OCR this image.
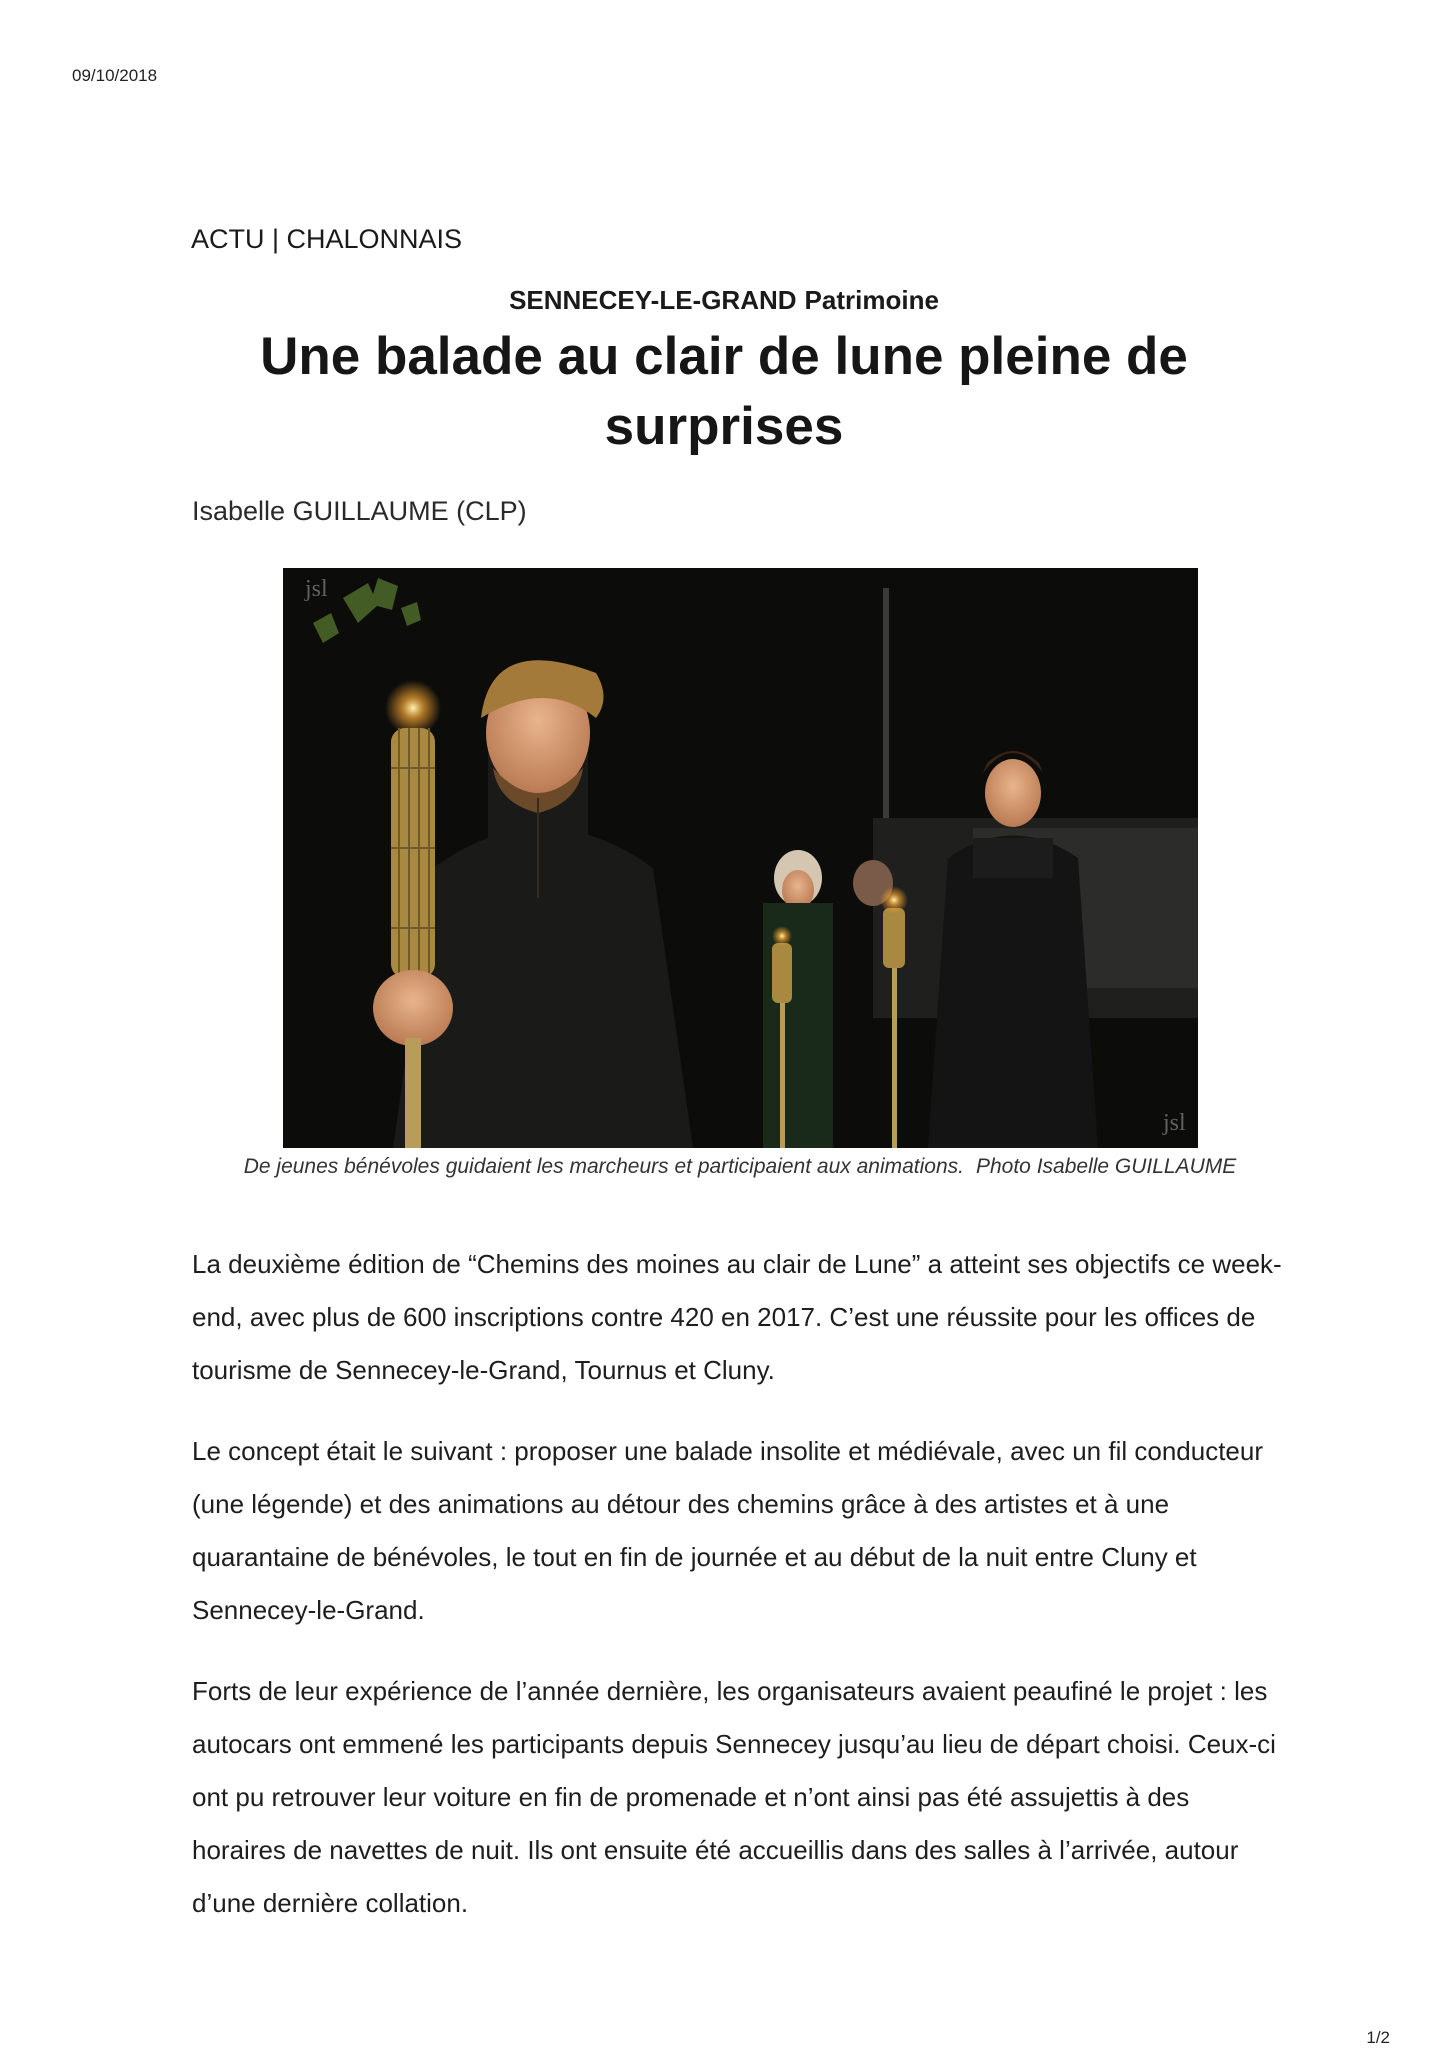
09/10/2018
ACTU | CHALONNAIS
SENNECEY-LE-GRAND Patrimoine
Une balade au clair de lune pleine de surprises
Isabelle GUILLAUME (CLP)
jsl
jsl
De jeunes bénévoles guidaient les marcheurs et participaient aux animations. Photo Isabelle GUILLAUME

La deuxième édition de “Chemins des moines au clair de Lune” a atteint ses objectifs ce week-end, avec plus de 600 inscriptions contre 420 en 2017. C’est une réussite pour les offices de tourisme de Sennecey-le-Grand, Tournus et Cluny.

Le concept était le suivant : proposer une balade insolite et médiévale, avec un fil conducteur (une légende) et des animations au détour des chemins grâce à des artistes et à une quarantaine de bénévoles, le tout en fin de journée et au début de la nuit entre Cluny et Sennecey-le-Grand.

Forts de leur expérience de l’année dernière, les organisateurs avaient peaufiné le projet : les autocars ont emmené les participants depuis Sennecey jusqu’au lieu de départ choisi. Ceux-ci ont pu retrouver leur voiture en fin de promenade et n’ont ainsi pas été assujettis à des horaires de navettes de nuit. Ils ont ensuite été accueillis dans des salles à l’arrivée, autour d’une dernière collation.

1/2
